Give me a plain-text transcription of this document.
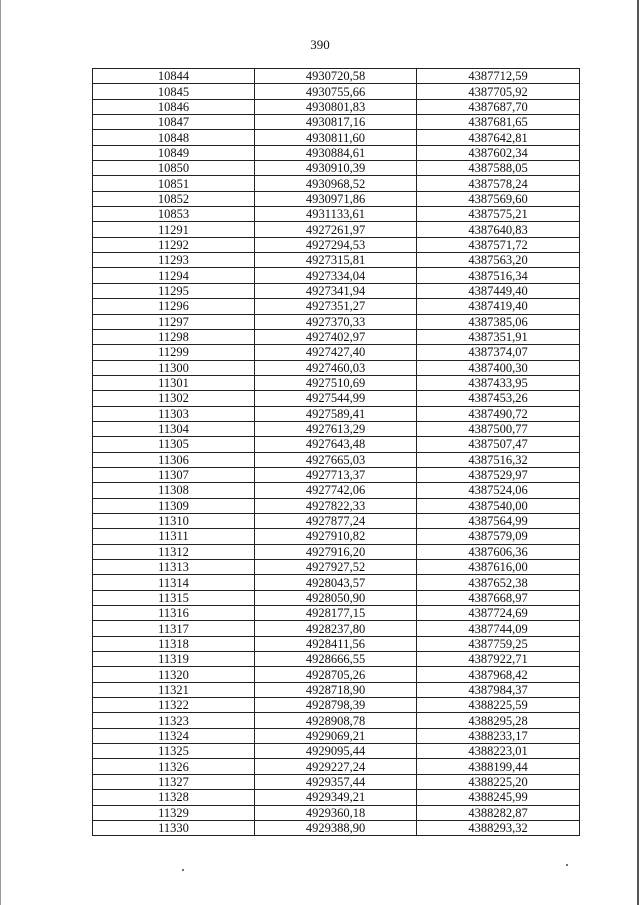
390
10844	4930720,58	4387712,59
10845	4930755,66	4387705,92
10846	4930801,83	4387687,70
10847	4930817,16	4387681,65
10848	4930811,60	4387642,81
10849	4930884,61	4387602,34
10850	4930910,39	4387588,05
10851	4930968,52	4387578,24
10852	4930971,86	4387569,60
10853	4931133,61	4387575,21
11291	4927261,97	4387640,83
11292	4927294,53	4387571,72
11293	4927315,81	4387563,20
11294	4927334,04	4387516,34
11295	4927341,94	4387449,40
11296	4927351,27	4387419,40
11297	4927370,33	4387385,06
11298	4927402,97	4387351,91
11299	4927427,40	4387374,07
11300	4927460,03	4387400,30
11301	4927510,69	4387433,95
11302	4927544,99	4387453,26
11303	4927589,41	4387490,72
11304	4927613,29	4387500,77
11305	4927643,48	4387507,47
11306	4927665,03	4387516,32
11307	4927713,37	4387529,97
11308	4927742,06	4387524,06
11309	4927822,33	4387540,00
11310	4927877,24	4387564,99
11311	4927910,82	4387579,09
11312	4927916,20	4387606,36
11313	4927927,52	4387616,00
11314	4928043,57	4387652,38
11315	4928050,90	4387668,97
11316	4928177,15	4387724,69
11317	4928237,80	4387744,09
11318	4928411,56	4387759,25
11319	4928666,55	4387922,71
11320	4928705,26	4387968,42
11321	4928718,90	4387984,37
11322	4928798,39	4388225,59
11323	4928908,78	4388295,28
11324	4929069,21	4388233,17
11325	4929095,44	4388223,01
11326	4929227,24	4388199,44
11327	4929357,44	4388225,20
11328	4929349,21	4388245,99
11329	4929360,18	4388282,87
11330	4929388,90	4388293,32
